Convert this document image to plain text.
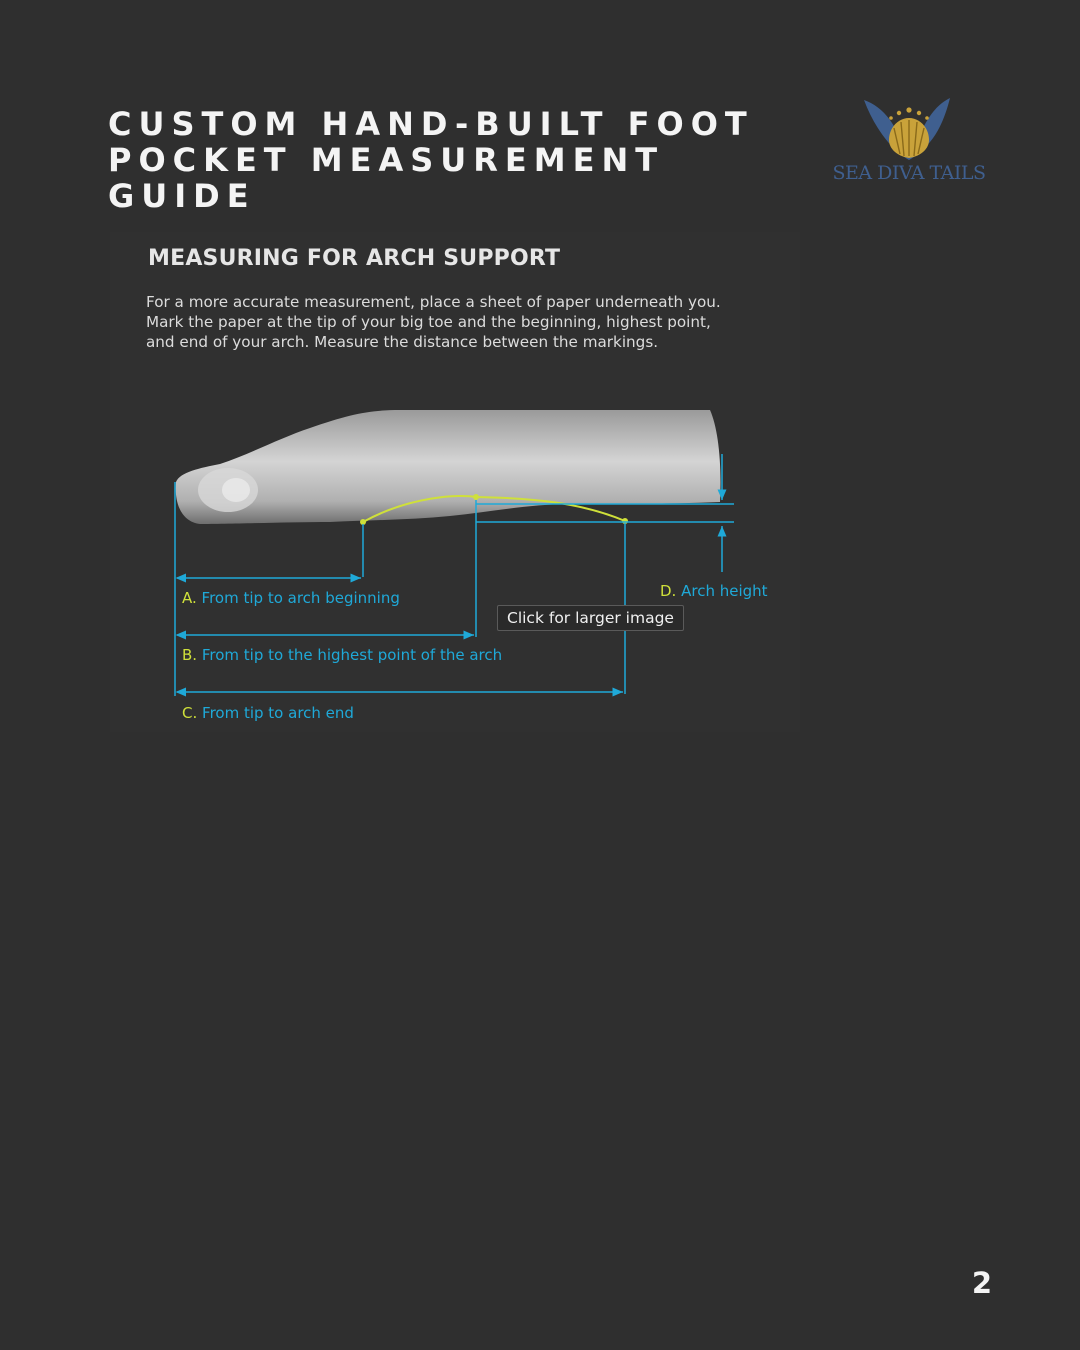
CUSTOM HAND-BUILT FOOT
POCKET MEASUREMENT GUIDE
SEA DIVA TAILS
MEASURING FOR ARCH SUPPORT

For a more accurate measurement, place a sheet of paper underneath you.
Mark the paper at the tip of your big toe and the beginning, highest point,
and end of your arch. Measure the distance between the markings.

A. From tip to arch beginning
B. From tip to the highest point of the arch
C. From tip to arch end
D. Arch height
Click for larger image
2
